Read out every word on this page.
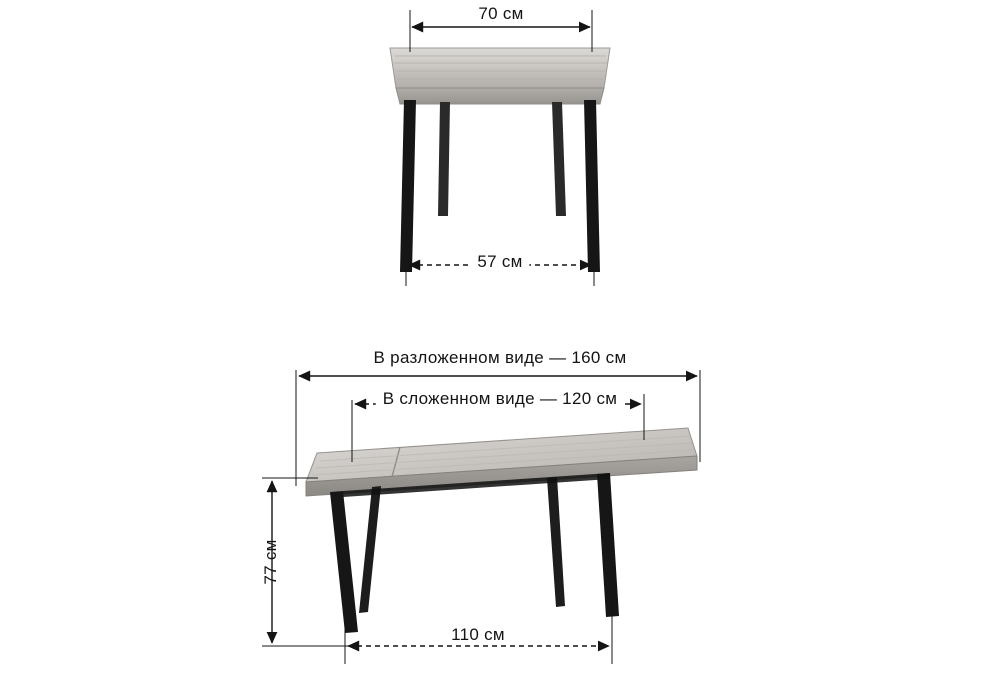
70 см
57 см
В разложенном виде — 160 см
В сложенном виде — 120 см
77 см
110 см
